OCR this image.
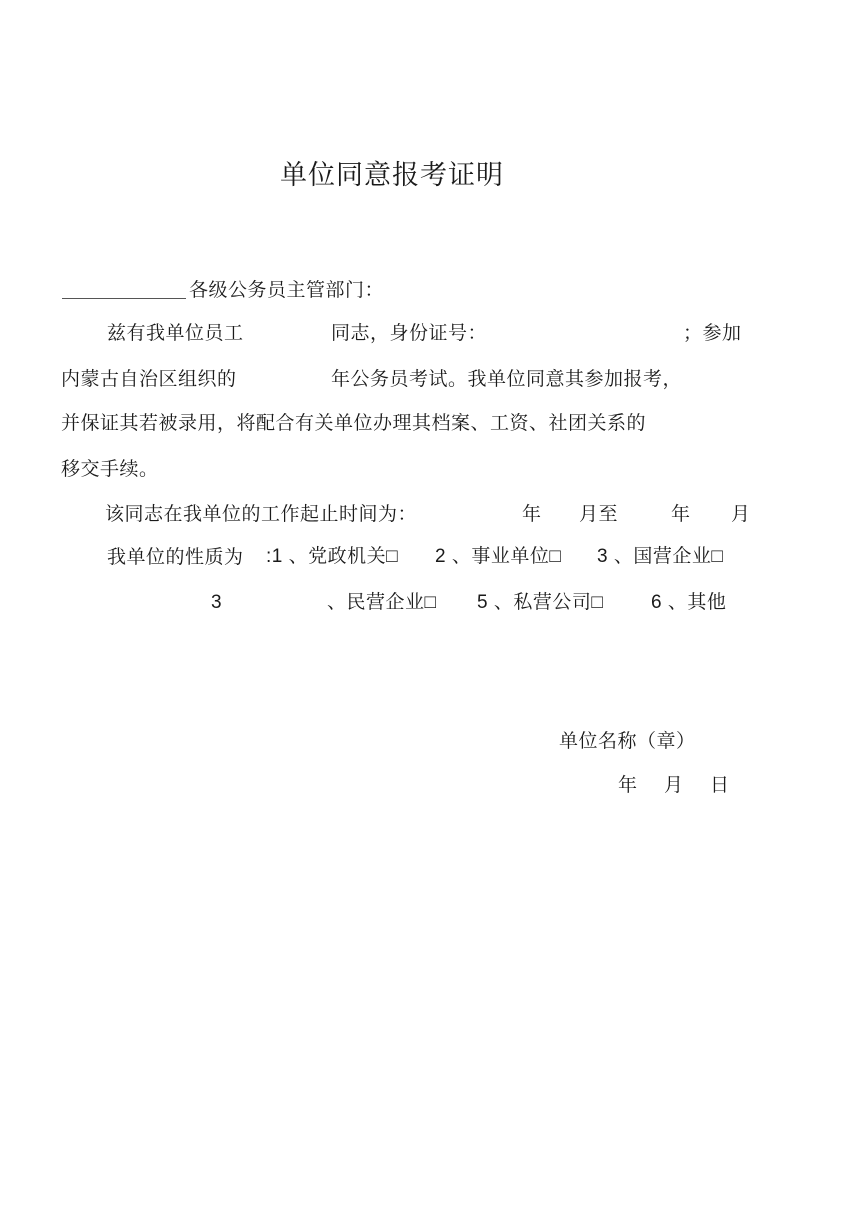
单位同意报考证明
各级公务员主管部门：
兹有我单位员工	同志，身份证号：	；参加
内蒙古自治区组织的	年公务员考试。我单位同意其参加报考，
并保证其若被录用，将配合有关单位办理其档案、工资、社团关系的
移交手续。
该同志在我单位的工作起止时间为：	年 月至	年 月
我单位的性质为 :1 、党政机关□ 2 、事业单位□ 3 、国营企业□
3	、民营企业□ 5 、私营公司□	6 、其他
单位名称（章）
年 月 日
